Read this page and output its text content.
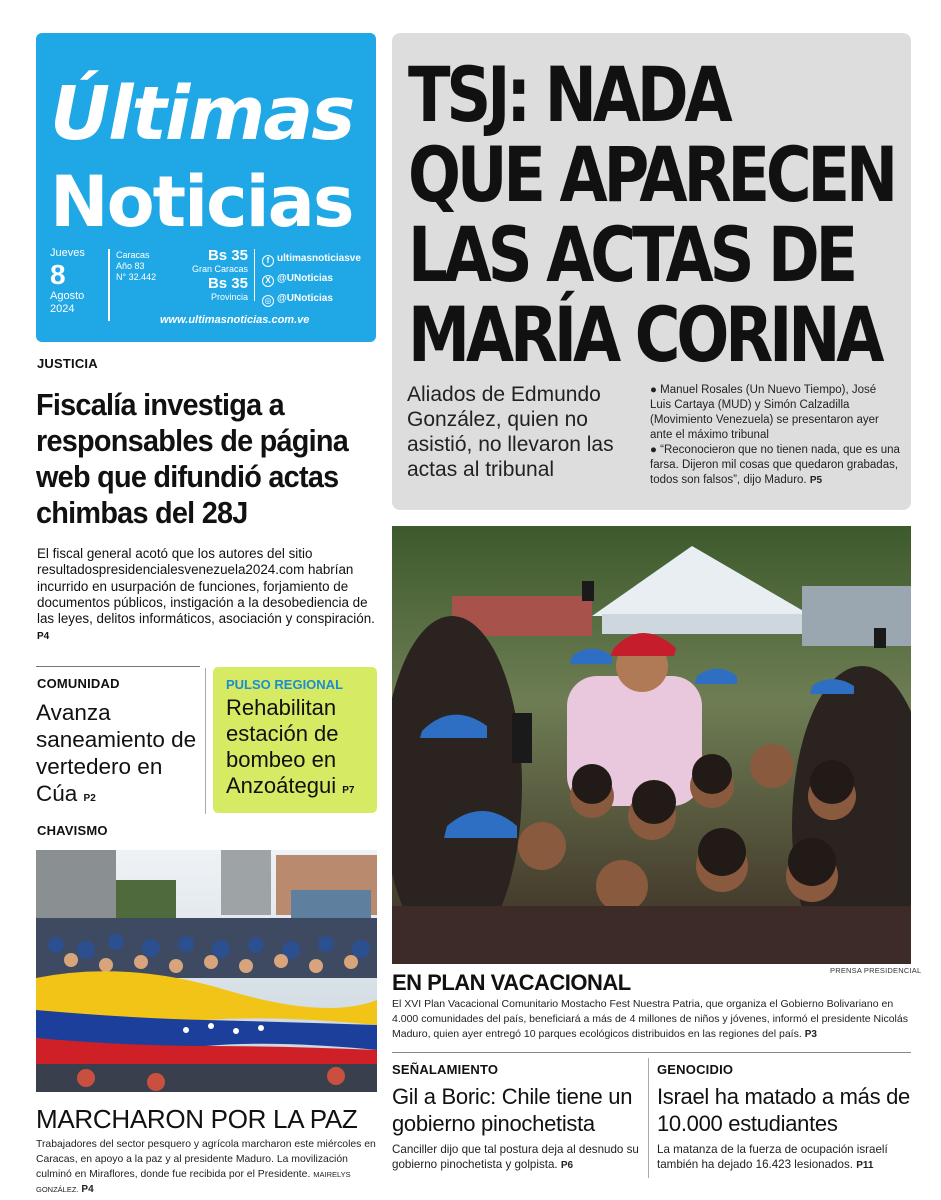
Últimas
Noticias
Jueves
8
Agosto
2024
Caracas
Año 83
N° 32.442
Bs 35
Gran Caracas
Bs 35
Provincia
f ultimasnoticiasve
X @UNoticias
◎ @UNoticias
www.ultimasnoticias.com.ve
TSJ: NADA
QUE APARECEN
LAS ACTAS DE
MARÍA CORINA
Aliados de Edmundo González, quien no asistió, no llevaron las actas al tribunal
● Manuel Rosales (Un Nuevo Tiempo), José Luis Cartaya (MUD) y Simón Calzadilla (Movimiento Venezuela) se presentaron ayer ante el máximo tribunal
● “Reconocieron que no tienen nada, que es una farsa. Dijeron mil cosas que quedaron grabadas, todos son falsos”, dijo Maduro. P5
JUSTICIA
Fiscalía investiga a responsables de página web que difundió actas chimbas del 28J
El fiscal general acotó que los autores del sitio resultadospresidencialesvenezuela2024.com habrían incurrido en usurpación de funciones, forjamiento de documentos públicos, instigación a la desobediencia de las leyes, delitos informáticos, asociación y conspiración. P4
COMUNIDAD
Avanza saneamiento de vertedero en Cúa P2
PULSO REGIONAL
Rehabilitan estación de bombeo en Anzoátegui P7
CHAVISMO
MARCHARON POR LA PAZ
Trabajadores del sector pesquero y agrícola marcharon este miércoles en Caracas, en apoyo a la paz y al presidente Maduro. La movilización culminó en Miraflores, donde fue recibida por el Presidente. MAIRELYS GONZÁLEZ. P4
PRENSA PRESIDENCIAL
EN PLAN VACACIONAL
El XVI Plan Vacacional Comunitario Mostacho Fest Nuestra Patria, que organiza el Gobierno Bolivariano en 4.000 comunidades del país, beneficiará a más de 4 millones de niños y jóvenes, informó el presidente Nicolás Maduro, quien ayer entregó 10 parques ecológicos distribuidos en las regiones del país. P3
SEÑALAMIENTO
Gil a Boric: Chile tiene un gobierno pinochetista
Canciller dijo que tal postura deja al desnudo su gobierno pinochetista y golpista. P6
GENOCIDIO
Israel ha matado a más de 10.000 estudiantes
La matanza de la fuerza de ocupación israelí también ha dejado 16.423 lesionados. P11
